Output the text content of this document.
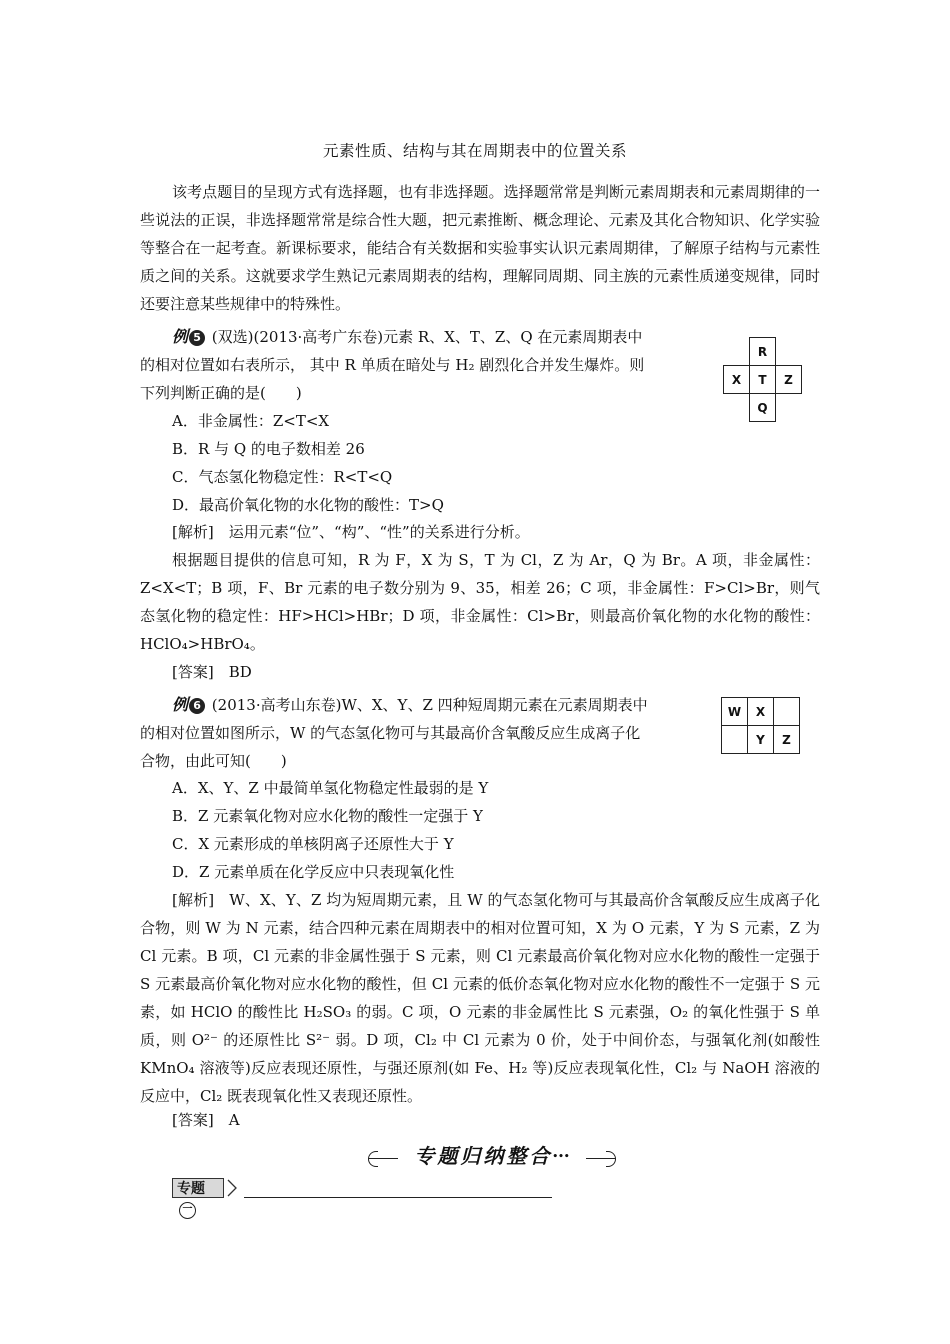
元素性质、结构与其在周期表中的位置关系
该考点题目的呈现方式有选择题，也有非选择题。选择题常常是判断元素周期表和元素周期律的一些说法的正误，非选择题常常是综合性大题，把元素推断、概念理论、元素及其化合物知识、化学实验等整合在一起考查。新课标要求，能结合有关数据和实验事实认识元素周期律，了解原子结构与元素性质之间的关系。这就要求学生熟记元素周期表的结构，理解同周期、同主族的元素性质递变规律，同时还要注意某些规律中的特殊性。
例 5 (双选)(2013·高考广东卷)元素 R、X、T、Z、Q 在元素周期表中
的相对位置如右表所示， 其中 R 单质在暗处与 H₂ 剧烈化合并发生爆炸。则
下列判断正确的是(　　)
	R	
X	T	Z
	Q	
A．非金属性：Z<T<X
B．R 与 Q 的电子数相差 26
C．气态氢化物稳定性：R<T<Q
D．最高价氧化物的水化物的酸性：T>Q
[解析]　运用元素“位”、“构”、“性”的关系进行分析。
根据题目提供的信息可知，R 为 F，X 为 S，T 为 Cl，Z 为 Ar，Q 为 Br。A 项，非金属性：Z<X<T；B 项，F、Br 元素的电子数分别为 9、35，相差 26；C 项，非金属性：F>Cl>Br，则气态氢化物的稳定性：HF>HCl>HBr；D 项，非金属性：Cl>Br，则最高价氧化物的水化物的酸性：HClO₄>HBrO₄。
[答案]　BD
例 6 (2013·高考山东卷)W、X、Y、Z 四种短周期元素在元素周期表中
的相对位置如图所示，W 的气态氢化物可与其最高价含氧酸反应生成离子化
合物，由此可知(　　)
W	X	
	Y	Z
A．X、Y、Z 中最简单氢化物稳定性最弱的是 Y
B．Z 元素氧化物对应水化物的酸性一定强于 Y
C．X 元素形成的单核阴离子还原性大于 Y
D．Z 元素单质在化学反应中只表现氧化性
[解析]　W、X、Y、Z 均为短周期元素，且 W 的气态氢化物可与其最高价含氧酸反应生成离子化合物，则 W 为 N 元素，结合四种元素在周期表中的相对位置可知，X 为 O 元素，Y 为 S 元素，Z 为 Cl 元素。B 项，Cl 元素的非金属性强于 S 元素，则 Cl 元素最高价氧化物对应水化物的酸性一定强于 S 元素最高价氧化物对应水化物的酸性，但 Cl 元素的低价态氧化物对应水化物的酸性不一定强于 S 元素，如 HClO 的酸性比 H₂SO₃ 的弱。C 项，O 元素的非金属性比 S 元素强，O₂ 的氧化性强于 S 单质，则 O²⁻ 的还原性比 S²⁻ 弱。D 项，Cl₂ 中 Cl 元素为 0 价，处于中间价态，与强氧化剂(如酸性 KMnO₄ 溶液等)反应表现还原性，与强还原剂(如 Fe、H₂ 等)反应表现氧化性，Cl₂ 与 NaOH 溶液的反应中，Cl₂ 既表现氧化性又表现还原性。
[答案]　A
专题归纳整合•••
专题一
